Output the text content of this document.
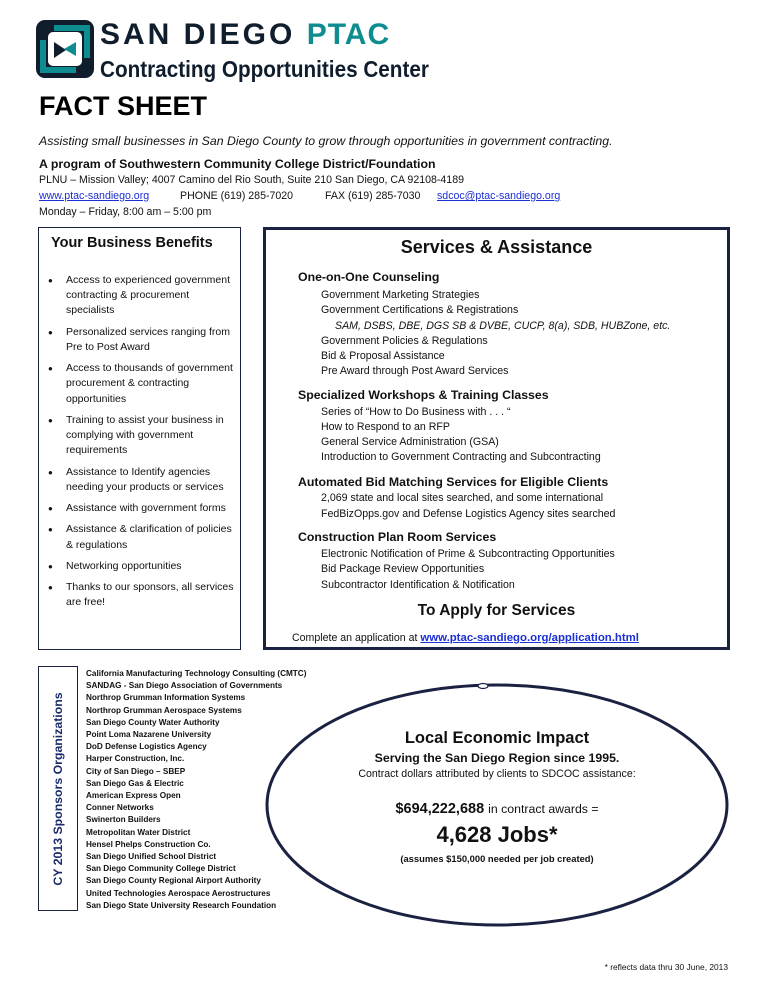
SAN DIEGO PTAC
Contracting Opportunities Center
FACT SHEET
Assisting small businesses in San Diego County to grow through opportunities in government contracting.
A program of Southwestern Community College District/Foundation
PLNU – Mission Valley; 4007 Camino del Rio South, Suite 210 San Diego, CA 92108-4189
www.ptac-sandiego.org	PHONE (619) 285-7020	FAX (619) 285-7030 sdcoc@ptac-sandiego.org
Monday – Friday, 8:00 am – 5:00 pm
Your Business Benefits
● Access to experienced government contracting & procurement specialists
● Personalized services ranging from Pre to Post Award
● Access to thousands of government procurement & contracting opportunities
● Training to assist your business in complying with government requirements
● Assistance to Identify agencies needing your products or services
● Assistance with government forms
● Assistance & clarification of policies & regulations
● Networking opportunities
● Thanks to our sponsors, all services are free!
Services & Assistance
One-on-One Counseling
Government Marketing Strategies
Government Certifications & Registrations
SAM, DSBS, DBE, DGS SB & DVBE, CUCP, 8(a), SDB, HUBZone, etc.
Government Policies & Regulations
Bid & Proposal Assistance
Pre Award through Post Award Services
Specialized Workshops & Training Classes
Series of “How to Do Business with . . . “
How to Respond to an RFP
General Service Administration (GSA)
Introduction to Government Contracting and Subcontracting
Automated Bid Matching Services for Eligible Clients
2,069 state and local sites searched, and some international
FedBizOpps.gov and Defense Logistics Agency sites searched
Construction Plan Room Services
Electronic Notification of Prime & Subcontracting Opportunities
Bid Package Review Opportunities
Subcontractor Identification & Notification
To Apply for Services
Complete an application at www.ptac-sandiego.org/application.html
CY 2013 Sponsors Organizations
California Manufacturing Technology Consulting (CMTC)
SANDAG - San Diego Association of Governments
Northrop Grumman Information Systems
Northrop Grumman Aerospace Systems
San Diego County Water Authority
Point Loma Nazarene University
DoD Defense Logistics Agency
Harper Construction, Inc.
City of San Diego – SBEP
San Diego Gas & Electric
American Express Open
Conner Networks
Swinerton Builders
Metropolitan Water District
Hensel Phelps Construction Co.
San Diego Unified School District
San Diego Community College District
San Diego County Regional Airport Authority
United Technologies Aerospace Aerostructures
San Diego State University Research Foundation
Local Economic Impact
Serving the San Diego Region since 1995.
Contract dollars attributed by clients to SDCOC assistance:
$694,222,688 in contract awards =
4,628 Jobs*
(assumes $150,000 needed per job created)
* reflects data thru 30 June, 2013
